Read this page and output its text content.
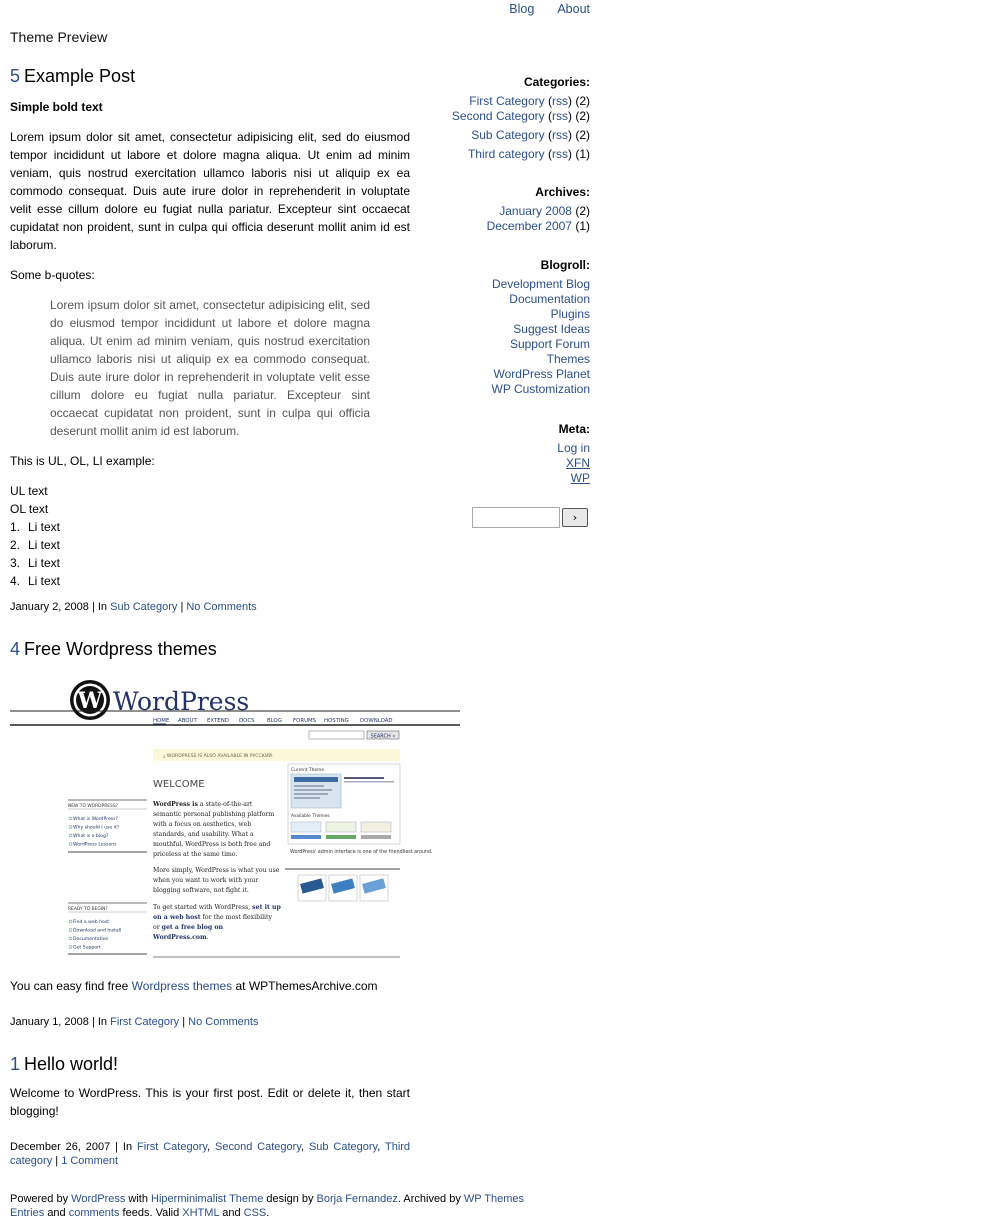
Blog About
Theme Preview
5 Example Post

Simple bold text

Lorem ipsum dolor sit amet, consectetur adipisicing elit, sed do eiusmod tempor incididunt ut labore et dolore magna aliqua. Ut enim ad minim veniam, quis nostrud exercitation ullamco laboris nisi ut aliquip ex ea commodo consequat. Duis aute irure dolor in reprehenderit in voluptate velit esse cillum dolore eu fugiat nulla pariatur. Excepteur sint occaecat cupidatat non proident, sunt in culpa qui officia deserunt mollit anim id est laborum.

Some b-quotes:

Lorem ipsum dolor sit amet, consectetur adipisicing elit, sed do eiusmod tempor incididunt ut labore et dolore magna aliqua. Ut enim ad minim veniam, quis nostrud exercitation ullamco laboris nisi ut aliquip ex ea commodo consequat. Duis aute irure dolor in reprehenderit in voluptate velit esse cillum dolore eu fugiat nulla pariatur. Excepteur sint occaecat cupidatat non proident, sunt in culpa qui officia deserunt mollit anim id est laborum.

This is UL, OL, LI example:

UL text
OL text
1. Li text
2. Li text
3. Li text
4. Li text
January 2, 2008 | In Sub Category | No Comments
4 Free Wordpress themes

You can easy find free Wordpress themes at WPThemesArchive.com

January 1, 2008 | In First Category | No Comments
1 Hello world!

Welcome to WordPress. This is your first post. Edit or delete it, then start blogging!

December 26, 2007 | In First Category, Second Category, Sub Category, Third category | 1 Comment
W WordPress
HOME ABOUT EXTEND DOCS BLOG FORUMS HOSTING DOWNLOAD
SEARCH »
¿ WORDPRESS IS ALSO AVAILABLE IN РУССКИЙ.
WELCOME
WordPress is a state-of-the-art
semantic personal publishing platform
with a focus on aesthetics, web
standards, and usability. What a
mouthful. WordPress is both free and
priceless at the same time.
More simply, WordPress is what you use
when you want to work with your
blogging software, not fight it.
To get started with WordPress, set it up
on a web host for the most flexibility
or get a free blog on
WordPress.com.
NEW TO WORDPRESS?
What is WordPress?
Why should I use it?
What is a blog?
WordPress Lessons
READY TO BEGIN?
Find a web host
Download and Install
Documentation
Get Support
Current Theme
Available Themes
WordPress' admin interface is one of the friendliest around.
Categories:
First Category (rss) (2)
Second Category (rss) (2)
Sub Category (rss) (2)
Third category (rss) (1)
Archives:
January 2008 (2)
December 2007 (1)
Blogroll:
Development Blog
Documentation
Plugins
Suggest Ideas
Support Forum
Themes
WordPress Planet
WP Customization
Meta:
Log in
XFN
WP
›
Powered by WordPress with Hiperminimalist Theme design by Borja Fernandez. Archived by WP Themes
Entries and comments feeds. Valid XHTML and CSS.
